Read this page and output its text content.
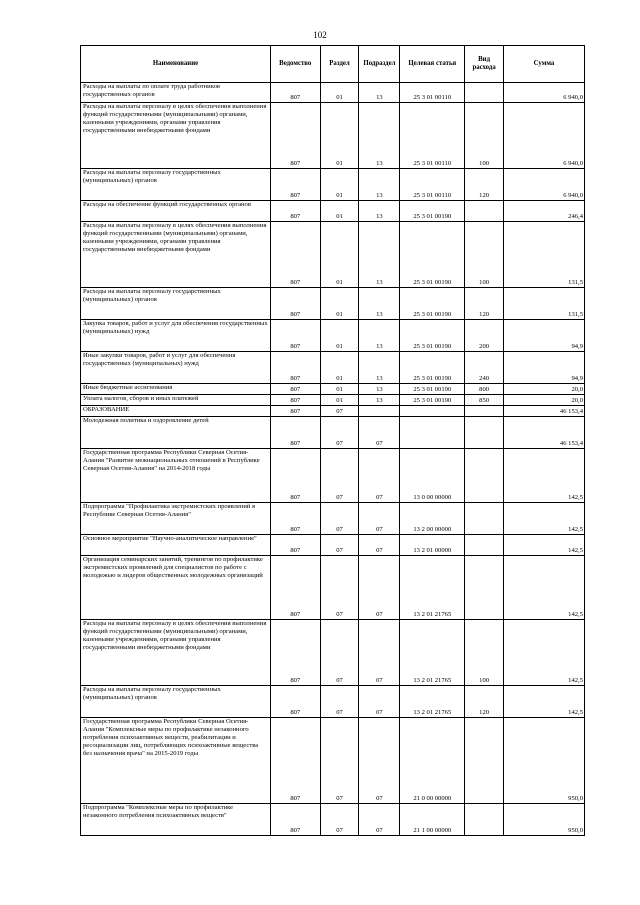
102
Наименование	Ведомство	Раздел	Подраздел	Целевая статья	Вид расхода	Сумма
Расходы на выплаты по оплате труда работников государственных органов	807	01	13	25 3 01 00110		6 940,0
Расходы на выплаты персоналу в целях обеспечения выполнения функций государственными (муниципальными) органами, казенными учреждениями, органами управления государственными внебюджетными фондами	807	01	13	25 3 01 00110	100	6 940,0
Расходы на выплаты персоналу государственных (муниципальных) органов	807	01	13	25 3 01 00110	120	6 940,0
Расходы на обеспечение функций государственных органов	807	01	13	25 3 01 00190		246,4
Расходы на выплаты персоналу в целях обеспечения выполнения функций государственными (муниципальными) органами, казенными учреждениями, органами управления государственными внебюджетными фондами	807	01	13	25 3 01 00190	100	131,5
Расходы на выплаты персоналу государственных (муниципальных) органов	807	01	13	25 3 01 00190	120	131,5
Закупка товаров, работ и услуг для обеспечения государственных (муниципальных) нужд	807	01	13	25 3 01 00190	200	94,9
Иные закупки товаров, работ и услуг для обеспечения государственных (муниципальных) нужд	807	01	13	25 3 01 00190	240	94,9
Иные бюджетные ассигнования	807	01	13	25 3 01 00190	800	20,0
Уплата налогов, сборов и иных платежей	807	01	13	25 3 01 00190	850	20,0
ОБРАЗОВАНИЕ	807	07				46 153,4
Молодежная политика и оздоровление детей	807	07	07			46 153,4
Государственная программа Республики Северная Осетия-Алания "Развитие межнациональных отношений в Республике Северная Осетия-Алания" на 2014-2018 годы	807	07	07	13 0 00 00000		142,5
Подпрограмма "Профилактика экстремистских проявлений в Республике Северная Осетия-Алания"	807	07	07	13 2 00 00000		142,5
Основное мероприятие "Научно-аналитическое направление"	807	07	07	13 2 01 00000		142,5
Организация семинарских занятий, тренингов по профилактике экстремистских проявлений для специалистов по работе с молодежью и лидеров общественных молодежных организаций	807	07	07	13 2 01 21765		142,5
Расходы на выплаты персоналу в целях обеспечения выполнения функций государственными (муниципальными) органами, казенными учреждениями, органами управления государственными внебюджетными фондами	807	07	07	13 2 01 21765	100	142,5
Расходы на выплаты персоналу государственных (муниципальных) органов	807	07	07	13 2 01 21765	120	142,5
Государственная программа Республики Северная Осетия-Алания "Комплексные меры по профилактике незаконного потребления психоактивных веществ, реабилитации и ресоциализации лиц, потребляющих психоактивные вещества без назначения врача" на 2015-2019 годы	807	07	07	21 0 00 00000		950,0
Подпрограмма "Комплексные меры по профилактике незаконного потребления психоактивных веществ"	807	07	07	21 1 00 00000		950,0
